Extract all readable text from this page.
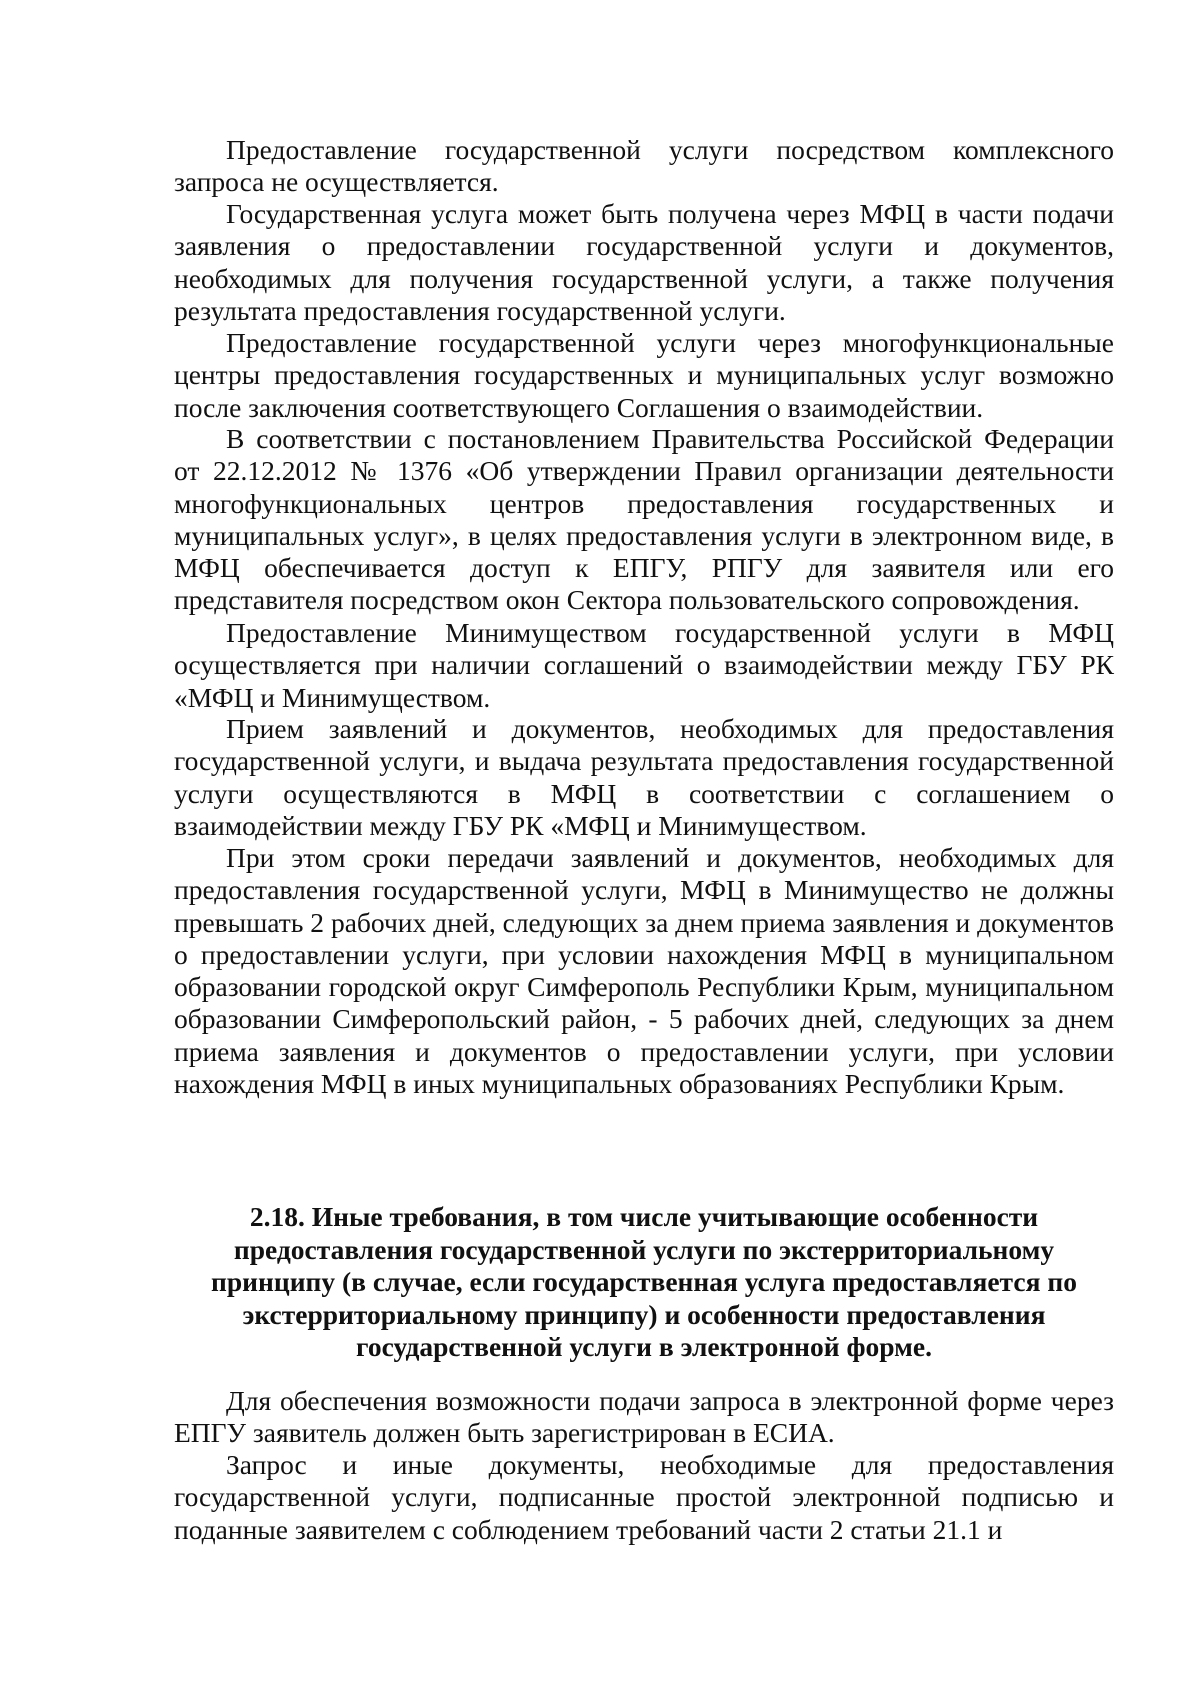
Предоставление государственной услуги посредством комплексного запроса не осуществляется.

Государственная услуга может быть получена через МФЦ в части подачи заявления о предоставлении государственной услуги и документов, необходимых для получения государственной услуги, а также получения результата предоставления государственной услуги.

Предоставление государственной услуги через многофункциональные центры предоставления государственных и муниципальных услуг возможно после заключения соответствующего Соглашения о взаимодействии.

В соответствии с постановлением Правительства Российской Федерации от 22.12.2012 № 1376 «Об утверждении Правил организации деятельности многофункциональных центров предоставления государственных и муниципальных услуг», в целях предоставления услуги в электронном виде, в МФЦ обеспечивается доступ к ЕПГУ, РПГУ для заявителя или его представителя посредством окон Сектора пользовательского сопровождения.

Предоставление Минимуществом государственной услуги в МФЦ осуществляется при наличии соглашений о взаимодействии между ГБУ РК «МФЦ и Минимуществом.

Прием заявлений и документов, необходимых для предоставления государственной услуги, и выдача результата предоставления государственной услуги осуществляются в МФЦ в соответствии с соглашением о взаимодействии между ГБУ РК «МФЦ и Минимуществом.

При этом сроки передачи заявлений и документов, необходимых для предоставления государственной услуги, МФЦ в Минимущество не должны превышать 2 рабочих дней, следующих за днем приема заявления и документов о предоставлении услуги, при условии нахождения МФЦ в муниципальном образовании городской округ Симферополь Республики Крым, муниципальном образовании Симферопольский район, - 5 рабочих дней, следующих за днем приема заявления и документов о предоставлении услуги, при условии нахождения МФЦ в иных муниципальных образованиях Республики Крым.

2.18. Иные требования, в том числе учитывающие особенности предоставления государственной услуги по экстерриториальному принципу (в случае, если государственная услуга предоставляется по экстерриториальному принципу) и особенности предоставления государственной услуги в электронной форме.

Для обеспечения возможности подачи запроса в электронной форме через ЕПГУ заявитель должен быть зарегистрирован в ЕСИА.

Запрос и иные документы, необходимые для предоставления государственной услуги, подписанные простой электронной подписью и поданные заявителем с соблюдением требований части 2 статьи 21.1 и
